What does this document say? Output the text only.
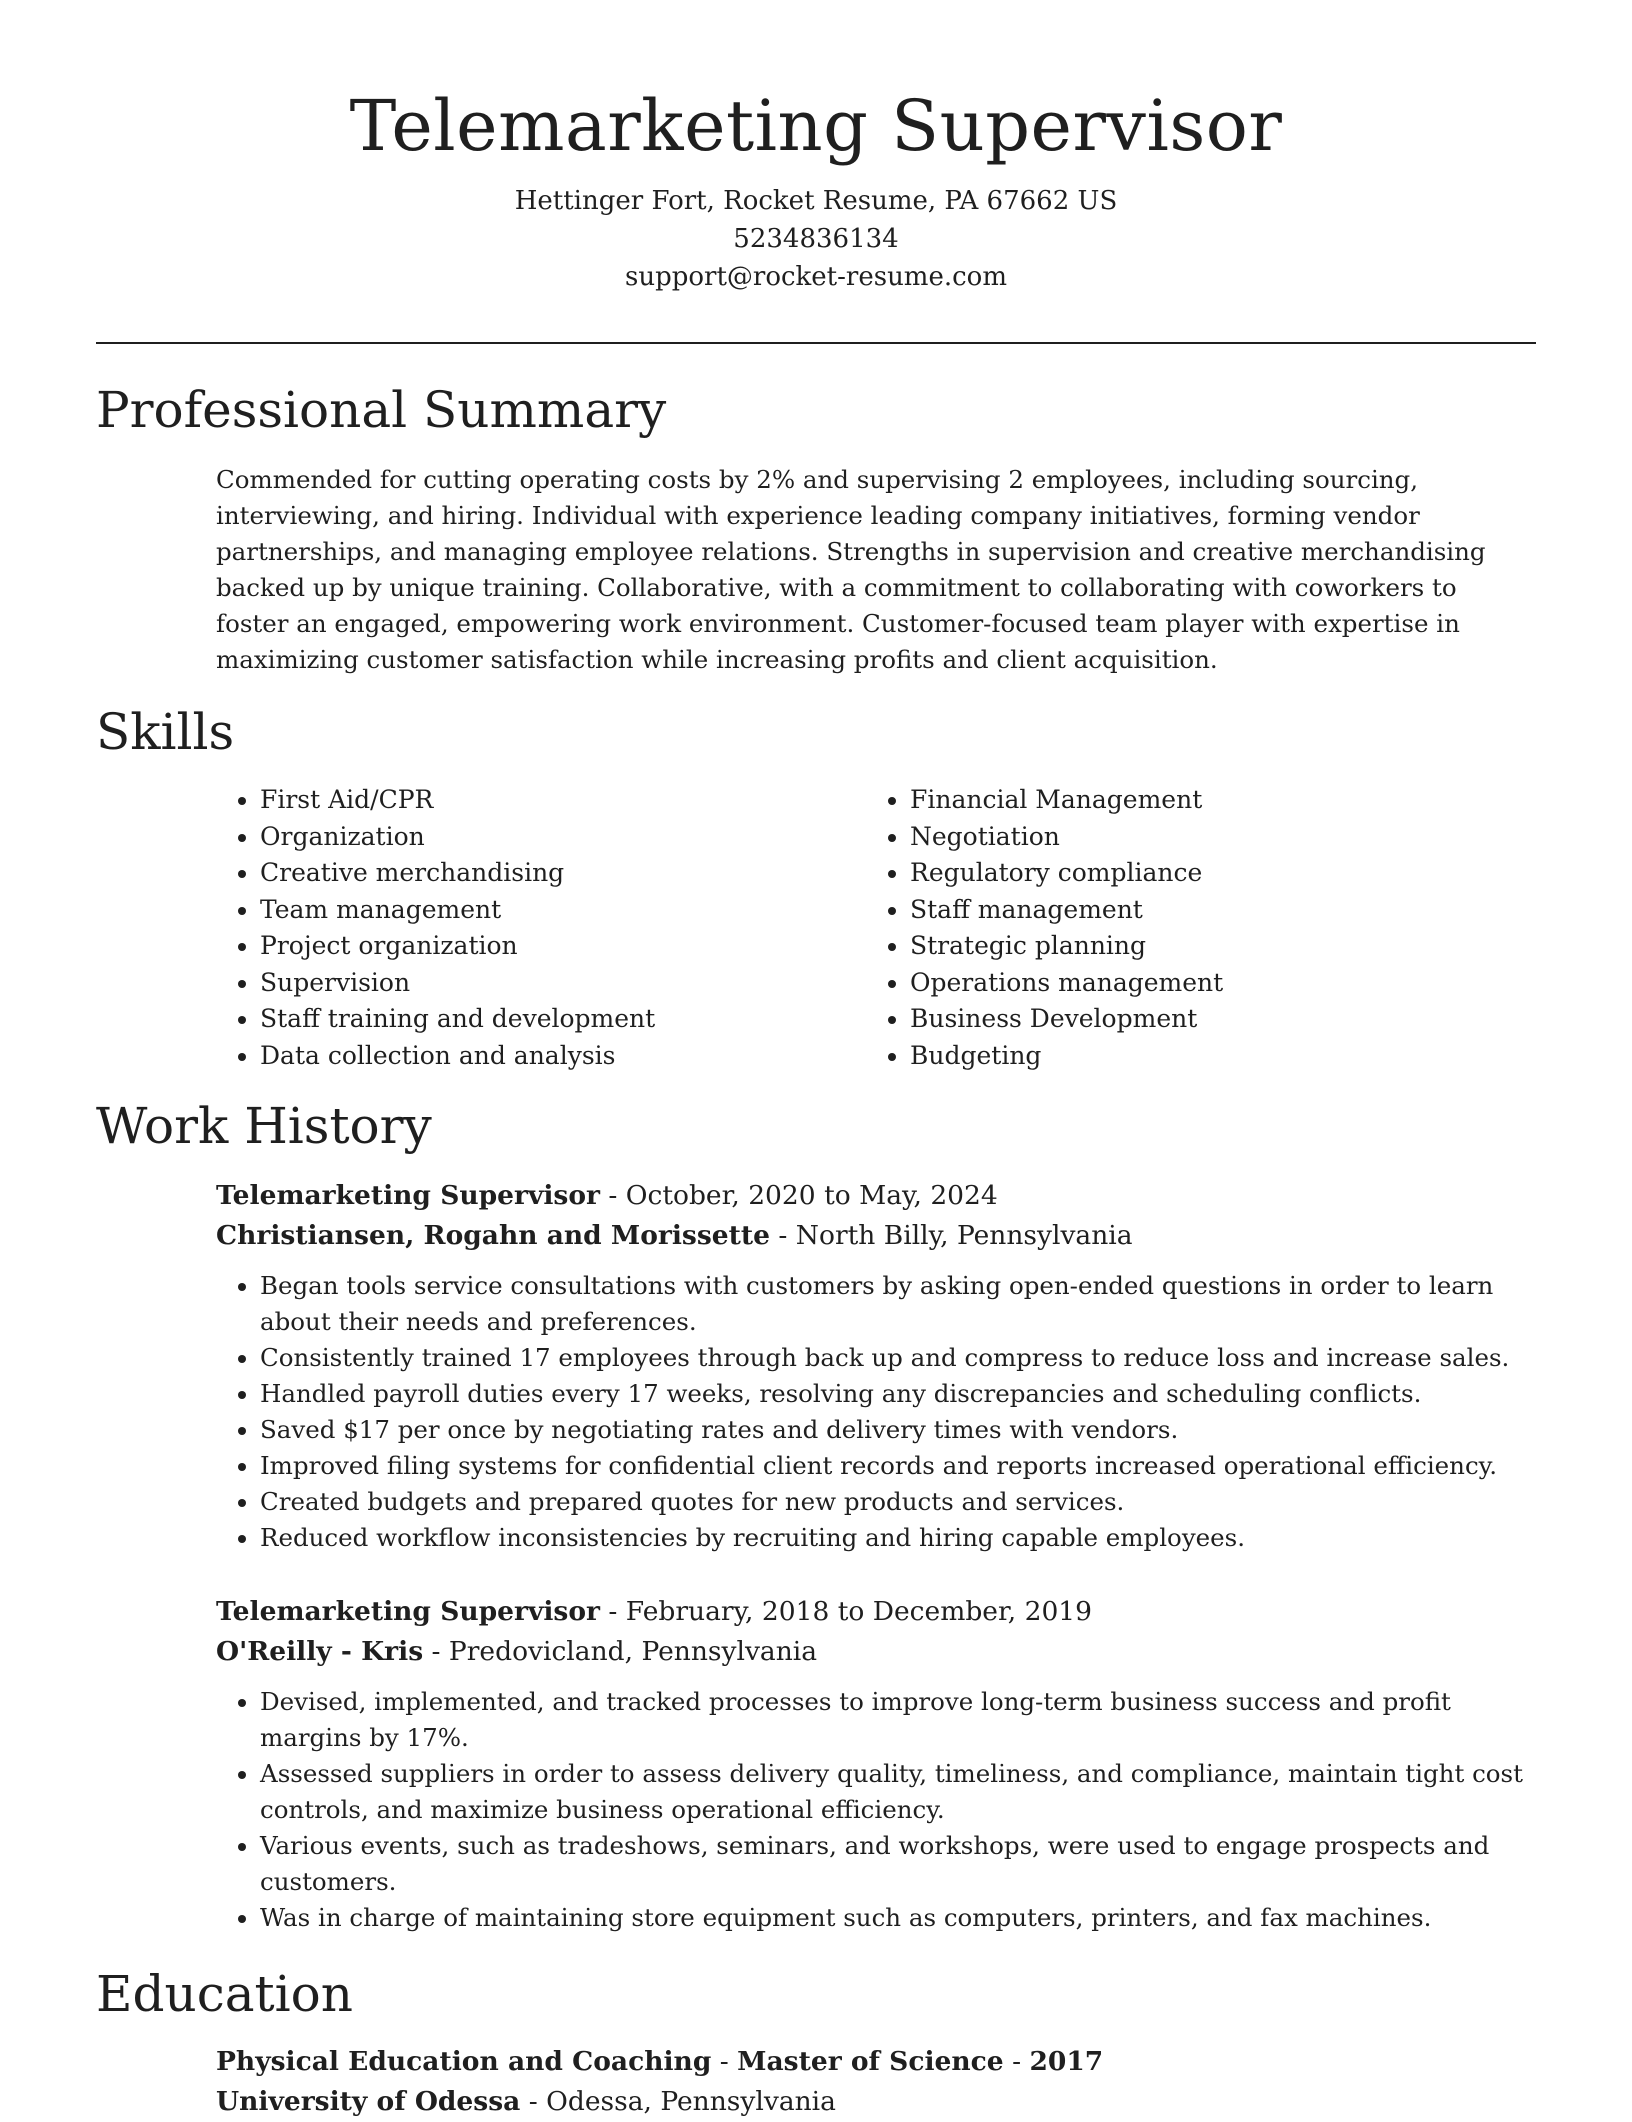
Telemarketing Supervisor

Hettinger Fort, Rocket Resume, PA 67662 US

5234836134

support@rocket-resume.com

Professional Summary

Commended for cutting operating costs by 2% and supervising 2 employees, including sourcing, interviewing, and hiring. Individual with experience leading company initiatives, forming vendor partnerships, and managing employee relations. Strengths in supervision and creative merchandising backed up by unique training. Collaborative, with a commitment to collaborating with coworkers to foster an engaged, empowering work environment. Customer-focused team player with expertise in maximizing customer satisfaction while increasing profits and client acquisition.

Skills
• First Aid/CPR
• Organization
• Creative merchandising
• Team management
• Project organization
• Supervision
• Staff training and development
• Data collection and analysis
• Financial Management
• Negotiation
• Regulatory compliance
• Staff management
• Strategic planning
• Operations management
• Business Development
• Budgeting
Work History

Telemarketing Supervisor - October, 2020 to May, 2024

Christiansen, Rogahn and Morissette - North Billy, Pennsylvania

• Began tools service consultations with customers by asking open-ended questions in order to learn about their needs and preferences.
• Consistently trained 17 employees through back up and compress to reduce loss and increase sales.
• Handled payroll duties every 17 weeks, resolving any discrepancies and scheduling conflicts.
• Saved $17 per once by negotiating rates and delivery times with vendors.
• Improved filing systems for confidential client records and reports increased operational efficiency.
• Created budgets and prepared quotes for new products and services.
• Reduced workflow inconsistencies by recruiting and hiring capable employees.

Telemarketing Supervisor - February, 2018 to December, 2019

O'Reilly - Kris - Predovicland, Pennsylvania

• Devised, implemented, and tracked processes to improve long-term business success and profit margins by 17%.
• Assessed suppliers in order to assess delivery quality, timeliness, and compliance, maintain tight cost controls, and maximize business operational efficiency.
• Various events, such as tradeshows, seminars, and workshops, were used to engage prospects and customers.
• Was in charge of maintaining store equipment such as computers, printers, and fax machines.
Education

Physical Education and Coaching - Master of Science - 2017

University of Odessa - Odessa, Pennsylvania
